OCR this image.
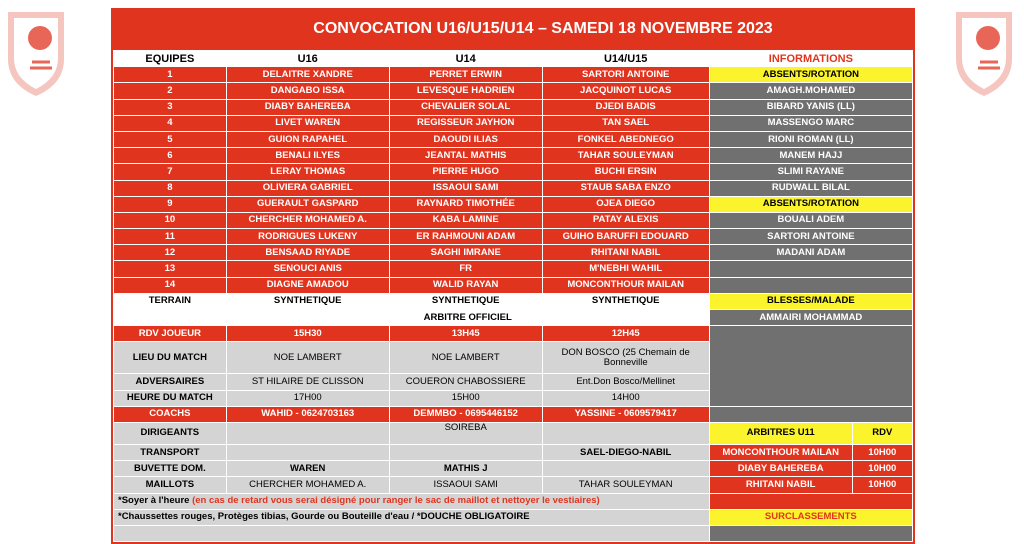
CONVOCATION U16/U15/U14 – SAMEDI 18 NOVEMBRE 2023
EQUIPES	U16	U14	U14/U15	INFORMATIONS	
1	DELAITRE XANDRE	PERRET ERWIN	SARTORI ANTOINE	ABSENTS/ROTATION	
2	DANGABO ISSA	LEVESQUE HADRIEN	JACQUINOT LUCAS	AMAGH.MOHAMED	
3	DIABY BAHEREBA	CHEVALIER SOLAL	DJEDI BADIS	BIBARD YANIS (LL)	
4	LIVET WAREN	REGISSEUR JAYHON	TAN SAEL	MASSENGO MARC	
5	GUION RAPAHEL	DAOUDI ILIAS	FONKEL ABEDNEGO	RIONI ROMAN (LL)	
6	BENALI ILYES	JEANTAL MATHIS	TAHAR SOULEYMAN	MANEM HAJJ	
7	LERAY THOMAS	PIERRE HUGO	BUCHI ERSIN	SLIMI RAYANE	
8	OLIVIERA GABRIEL	ISSAOUI SAMI	STAUB SABA ENZO	RUDWALL BILAL	
9	GUERAULT GASPARD	RAYNARD TIMOTHÉE	OJEA DIEGO	ABSENTS/ROTATION	
10	CHERCHER MOHAMED A.	KABA LAMINE	PATAY ALEXIS	BOUALI ADEM	
11	RODRIGUES LUKENY	ER RAHMOUNI ADAM	GUIHO BARUFFI EDOUARD	SARTORI ANTOINE	
12	BENSAAD RIYADE	SAGHI IMRANE	RHITANI NABIL	MADANI ADAM	
13	SENOUCI ANIS	FR	M'NEBHI WAHIL		
14	DIAGNE AMADOU	WALID RAYAN	MONCONTHOUR MAILAN		
TERRAIN	SYNTHETIQUE	SYNTHETIQUE	SYNTHETIQUE	BLESSES/MALADE	
	ARBITRE OFFICIEL			AMMAIRI MOHAMMAD	
RDV JOUEUR	15H30	13H45	12H45		
LIEU DU MATCH	NOE LAMBERT	NOE LAMBERT	DON BOSCO (25 Chemain de Bonneville		
ADVERSAIRES	ST HILAIRE DE CLISSON	COUERON CHABOSSIERE	Ent.Don Bosco/Mellinet		
HEURE DU MATCH	17H00	15H00	14H00		
COACHS	WAHID - 0624703163	DEMMBO - 0695446152	YASSINE - 0609579417		
DIRIGEANTS		SOIREBA		ARBITRES U11	RDV
TRANSPORT			SAEL-DIEGO-NABIL	MONCONTHOUR MAILAN	10H00
BUVETTE DOM.	WAREN	MATHIS J		DIABY BAHEREBA	10H00
MAILLOTS	CHERCHER MOHAMED A.	ISSAOUI SAMI	TAHAR SOULEYMAN	RHITANI NABIL	10H00
*Soyer à l'heure (en cas de retard vous serai désigné pour ranger le sac de maillot et nettoyer le vestiaires)					
*Chaussettes rouges, Protèges tibias, Gourde ou Bouteille d'eau / *DOUCHE OBLIGATOIRE				SURCLASSEMENTS	
